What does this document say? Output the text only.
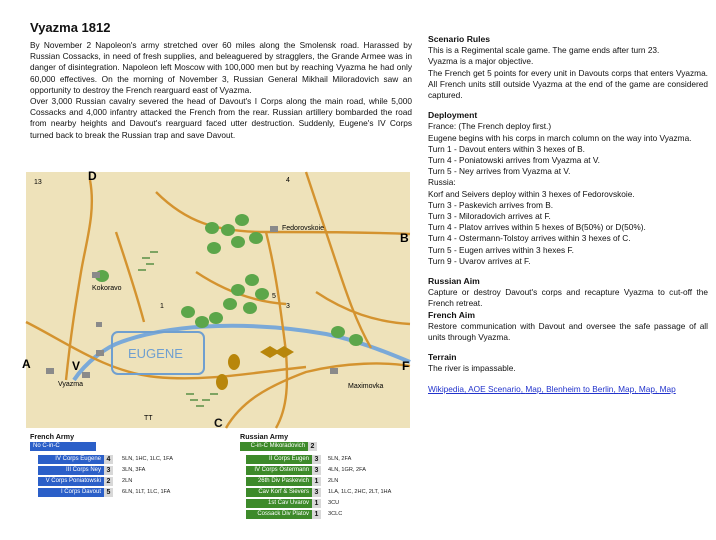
Vyazma 1812

By November 2 Napoleon's army stretched over 60 miles along the Smolensk road. Harassed by Russian Cossacks, in need of fresh supplies, and beleaguered by stragglers, the Grande Armee was in danger of disintegration. Napoleon left Moscow with 100,000 men but by reaching Vyazma he had only 60,000 effectives. On the morning of November 3, Russian General Mikhail Miloradovich saw an opportunity to destroy the French rearguard east of Vyazma.

Over 3,000 Russian cavalry severed the head of Davout's I Corps along the main road, while 5,000 Cossacks and 4,000 infantry attacked the French from the rear. Russian artillery bombarded the road from nearby heights and Davout's rearguard faced utter destruction. Suddenly, Eugene's IV Corps turned back to break the Russian trap and save Davout.

13	D	4
Fedorovskoie
B
Kokoravo
1
5
3
EUGENE
A	V
Vyazma
F
Maximovka
TT	C
French Army
No C-in-C
IV Corps Eugene 4	5LN, 1HC, 1LC, 1FA
III Corps Ney 3	3LN, 3FA
V Corps Poniatowski 2	2LN
I Corps Davout 5	6LN, 1LT, 1LC, 1FA
Russian Army
C-in-C Mikoradovich 2
II Corps Eugen 3	5LN, 2FA
IV Corps Ostermann 3	4LN, 1GR, 2FA
26th Div Paskevich 1	2LN
Cav Korf & Sievers 3	1LA, 1LC, 2HC, 2LT, 1HA
1st Cav Uvarov 1	3CU
Cossack Div Platov 1	3CLC
Scenario Rules

This is a Regimental scale game. The game ends after turn 23.

Vyazma is a major objective.

The French get 5 points for every unit in Davouts corps that enters Vyazma. All French units still outside Vyazma at the end of the game are considered captured.

Deployment

France: (The French deploy first.)

Eugene begins with his corps in march column on the way into Vyazma.

Turn 1 - Davout enters within 3 hexes of B.

Turn 4 - Poniatowski arrives from Vyazma at V.

Turn 5 - Ney arrives from Vyazma at V.

Russia:

Korf and Seivers deploy within 3 hexes of Fedorovskoie.

Turn 3 - Paskevich arrives from B.

Turn 3 - Miloradovich arrives at F.

Turn 4 - Platov arrives within 5 hexes of B(50%) or D(50%).

Turn 4 - Ostermann-Tolstoy arrives within 3 hexes of C.

Turn 5 - Eugen arrives within 3 hexes F.

Turn 9 - Uvarov arrives at F.

Russian Aim

Capture or destroy Davout's corps and recapture Vyazma to cut-off the French retreat.

French Aim

Restore communication with Davout and oversee the safe passage of all units through Vyazma.

Terrain

The river is impassable.

Wikipedia, AOE Scenario, Map, Blenheim to Berlin, Map, Map, Map
